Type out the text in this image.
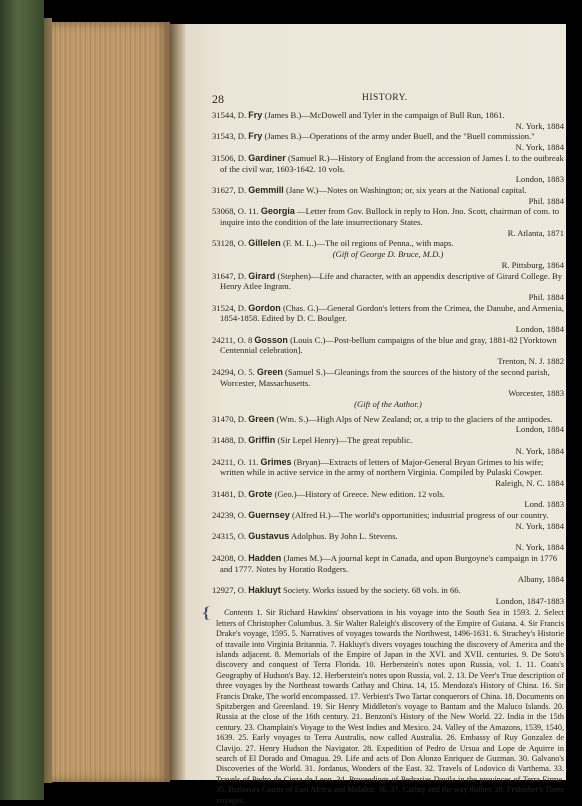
28	HISTORY.
31544, D. Fry (James B.)—McDowell and Tyler in the campaign of Bull Run, 1861.
N. York, 1884
31543, D. Fry (James B.)—Operations of the army under Buell, and the "Buell commission."
N. York, 1884
31506, D. Gardiner (Samuel R.)—History of England from the accession of James I. to the outbreak of the civil war, 1603-1642. 10 vols.
London, 1883
31627, D. Gemmill (Jane W.)—Notes on Washington; or, six years at the National capital.
Phil. 1884
53068, O. 11. Georgia —Letter from Gov. Bullock in reply to Hon. Jno. Scott, chairman of com. to inquire into the condition of the late insurrectionary States.
R. Atlanta, 1871
53128, O. Gillelen (F. M. L.)—The oil regions of Penna., with maps.
(Gift of George D. Bruce, M.D.)
R. Pittsburg, 1864
31647, D. Girard (Stephen)—Life and character, with an appendix descriptive of Girard College. By Henry Atlee Ingram.
Phil. 1884
31524, D. Gordon (Chas. G.)—General Gordon's letters from the Crimea, the Danube, and Armenia, 1854-1858. Edited by D. C. Boulger.
London, 1884
24211, O. 8 Gosson (Louis C.)—Post-bellum campaigns of the blue and gray, 1881-82 [Yorktown Centennial celebration].
Trenton, N. J. 1882
24294, O. 5. Green (Samuel S.)—Gleanings from the sources of the history of the second parish, Worcester, Massachusetts.
Worcester, 1883
(Gift of the Author.)
31470, D. Green (Wm. S.)—High Alps of New Zealand; or, a trip to the glaciers of the antipodes.
London, 1884
31488, D. Griffin (Sir Lepel Henry)—The great republic.
N. York, 1884
24211, O. 11. Grimes (Bryan)—Extracts of letters of Major-General Bryan Grimes to his wife; written while in active service in the army of northern Virginia. Compiled by Pulaski Cowper.
Raleigh, N. C. 1884
31481, D. Grote (Geo.)—History of Greece. New edition. 12 vols.
Lond. 1883
24239, O. Guernsey (Alfred H.)—The world's opportunities; industrial progress of our country.
N. York, 1884
24315, O. Gustavus Adolphus. By John L. Stevens.
N. York, 1884
24208, O. Hadden (James M.)—A journal kept in Canada, and upon Burgoyne's campaign in 1776 and 1777. Notes by Horatio Rodgers.
Albany, 1884
12927, O. Hakluyt Society. Works issued by the society. 68 vols. in 66.
London, 1847-1883
{ Contents 1. Sir Richard Hawkins' observations in his voyage into the South Sea in 1593. 2. Select letters of Christopher Columbus. 3. Sir Walter Raleigh's discovery of the Empire of Guiana. 4. Sir Francis Drake's voyage, 1595. 5. Narratives of voyages towards the Northwest, 1496-1631. 6. Strachey's Historie of travaile into Virginia Britannia. 7. Hakluyt's divers voyages touching the discovery of America and the islands adjacent. 8. Memorials of the Empire of Japan in the XVI. and XVII. centuries. 9. De Soto's discovery and conquest of Terra Florida. 10. Herberstein's notes upon Russia, vol. 1. 11. Coats's Geography of Hudson's Bay. 12. Herberstein's notes upon Russia, vol. 2. 13. De Veer's True description of three voyages by the Northeast towards Cathay and China. 14, 15. Mendoza's History of China. 16. Sir Francis Drake, The world encompassed. 17. Verbiest's Two Tartar conquerors of China. 18. Documents on Spitzbergen and Greenland. 19. Sir Henry Middleton's voyage to Bantam and the Maluco Islands. 20. Russia at the close of the 16th century. 21. Benzoni's History of the New World. 22. India in the 15th century. 23. Champlain's Voyage to the West Indies and Mexico. 24. Valley of the Amazons, 1539, 1540, 1639. 25. Early voyages to Terra Australis, now called Australia. 26. Embassy of Ruy Gonzalez de Clavijo. 27. Henry Hudson the Navigator. 28. Expedition of Pedro de Ursua and Lope de Aquirre in search of El Dorado and Omagua. 29. Life and acts of Don Alonzo Enriquez de Guzman. 30. Galvano's Discoveries of the World. 31. Jordanus, Wonders of the East. 32. Travels of Lodovico di Varthema. 33. Travels of Pedro de Cieza de Leon. 34. Proceedings of Pedrarias Davila in the provinces of Terra Firme. 35. Barbosa's Coasts of East Africa and Malabar. 36, 37. Cathay and the way thither. 38. Frobisher's Three voyages.
